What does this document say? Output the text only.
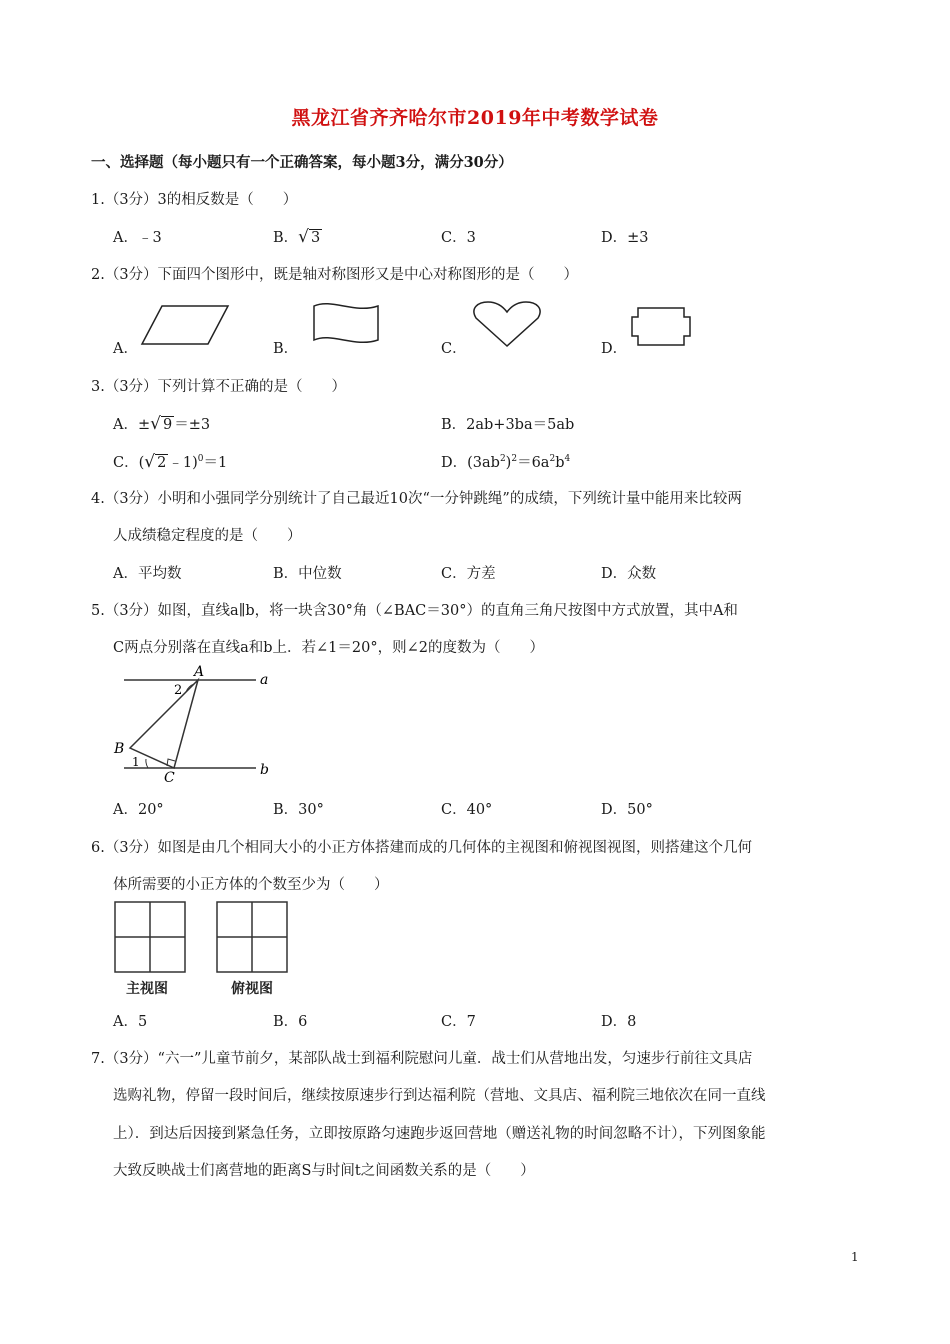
黑龙江省齐齐哈尔市2019年中考数学试卷
一、选择题（每小题只有一个正确答案，每小题3分，满分30分）
1.（3分）3的相反数是（　　）
A．﹣3	B．√ 3	C．3	D．±3
2.（3分）下面四个图形中，既是轴对称图形又是中心对称图形的是（　　）
A．	B．	C．	D．
3.（3分）下列计算不正确的是（　　）
A．±√ 9 ＝±3	B．2ab+3ba＝5ab
C．(√ 2 ﹣1)$^0$＝1	D．$(3ab^2)^2=6a^2b^4$
4.（3分）小明和小强同学分别统计了自己最近10次“一分钟跳绳”的成绩，下列统计量中能用来比较两
人成绩稳定程度的是（　　）
A．平均数	B．中位数	C．方差	D．众数
5.（3分）如图，直线a∥b，将一块含30°角（∠BAC＝30°）的直角三角尺按图中方式放置，其中A和
C两点分别落在直线a和b上．若∠1＝20°，则∠2的度数为（　　）
A
2
a
B
1
C	b
A．20°	B．30°	C．40°	D．50°
6.（3分）如图是由几个相同大小的小正方体搭建而成的几何体的主视图和俯视图视图，则搭建这个几何
体所需要的小正方体的个数至少为（　　）
主视图	俯视图
A．5	B．6	C．7	D．8
7.（3分）“六一”儿童节前夕，某部队战士到福利院慰问儿童．战士们从营地出发，匀速步行前往文具店
选购礼物，停留一段时间后，继续按原速步行到达福利院（营地、文具店、福利院三地依次在同一直线
上）．到达后因接到紧急任务，立即按原路匀速跑步返回营地（赠送礼物的时间忽略不计），下列图象能
大致反映战士们离营地的距离S与时间t之间函数关系的是（　　）
1
